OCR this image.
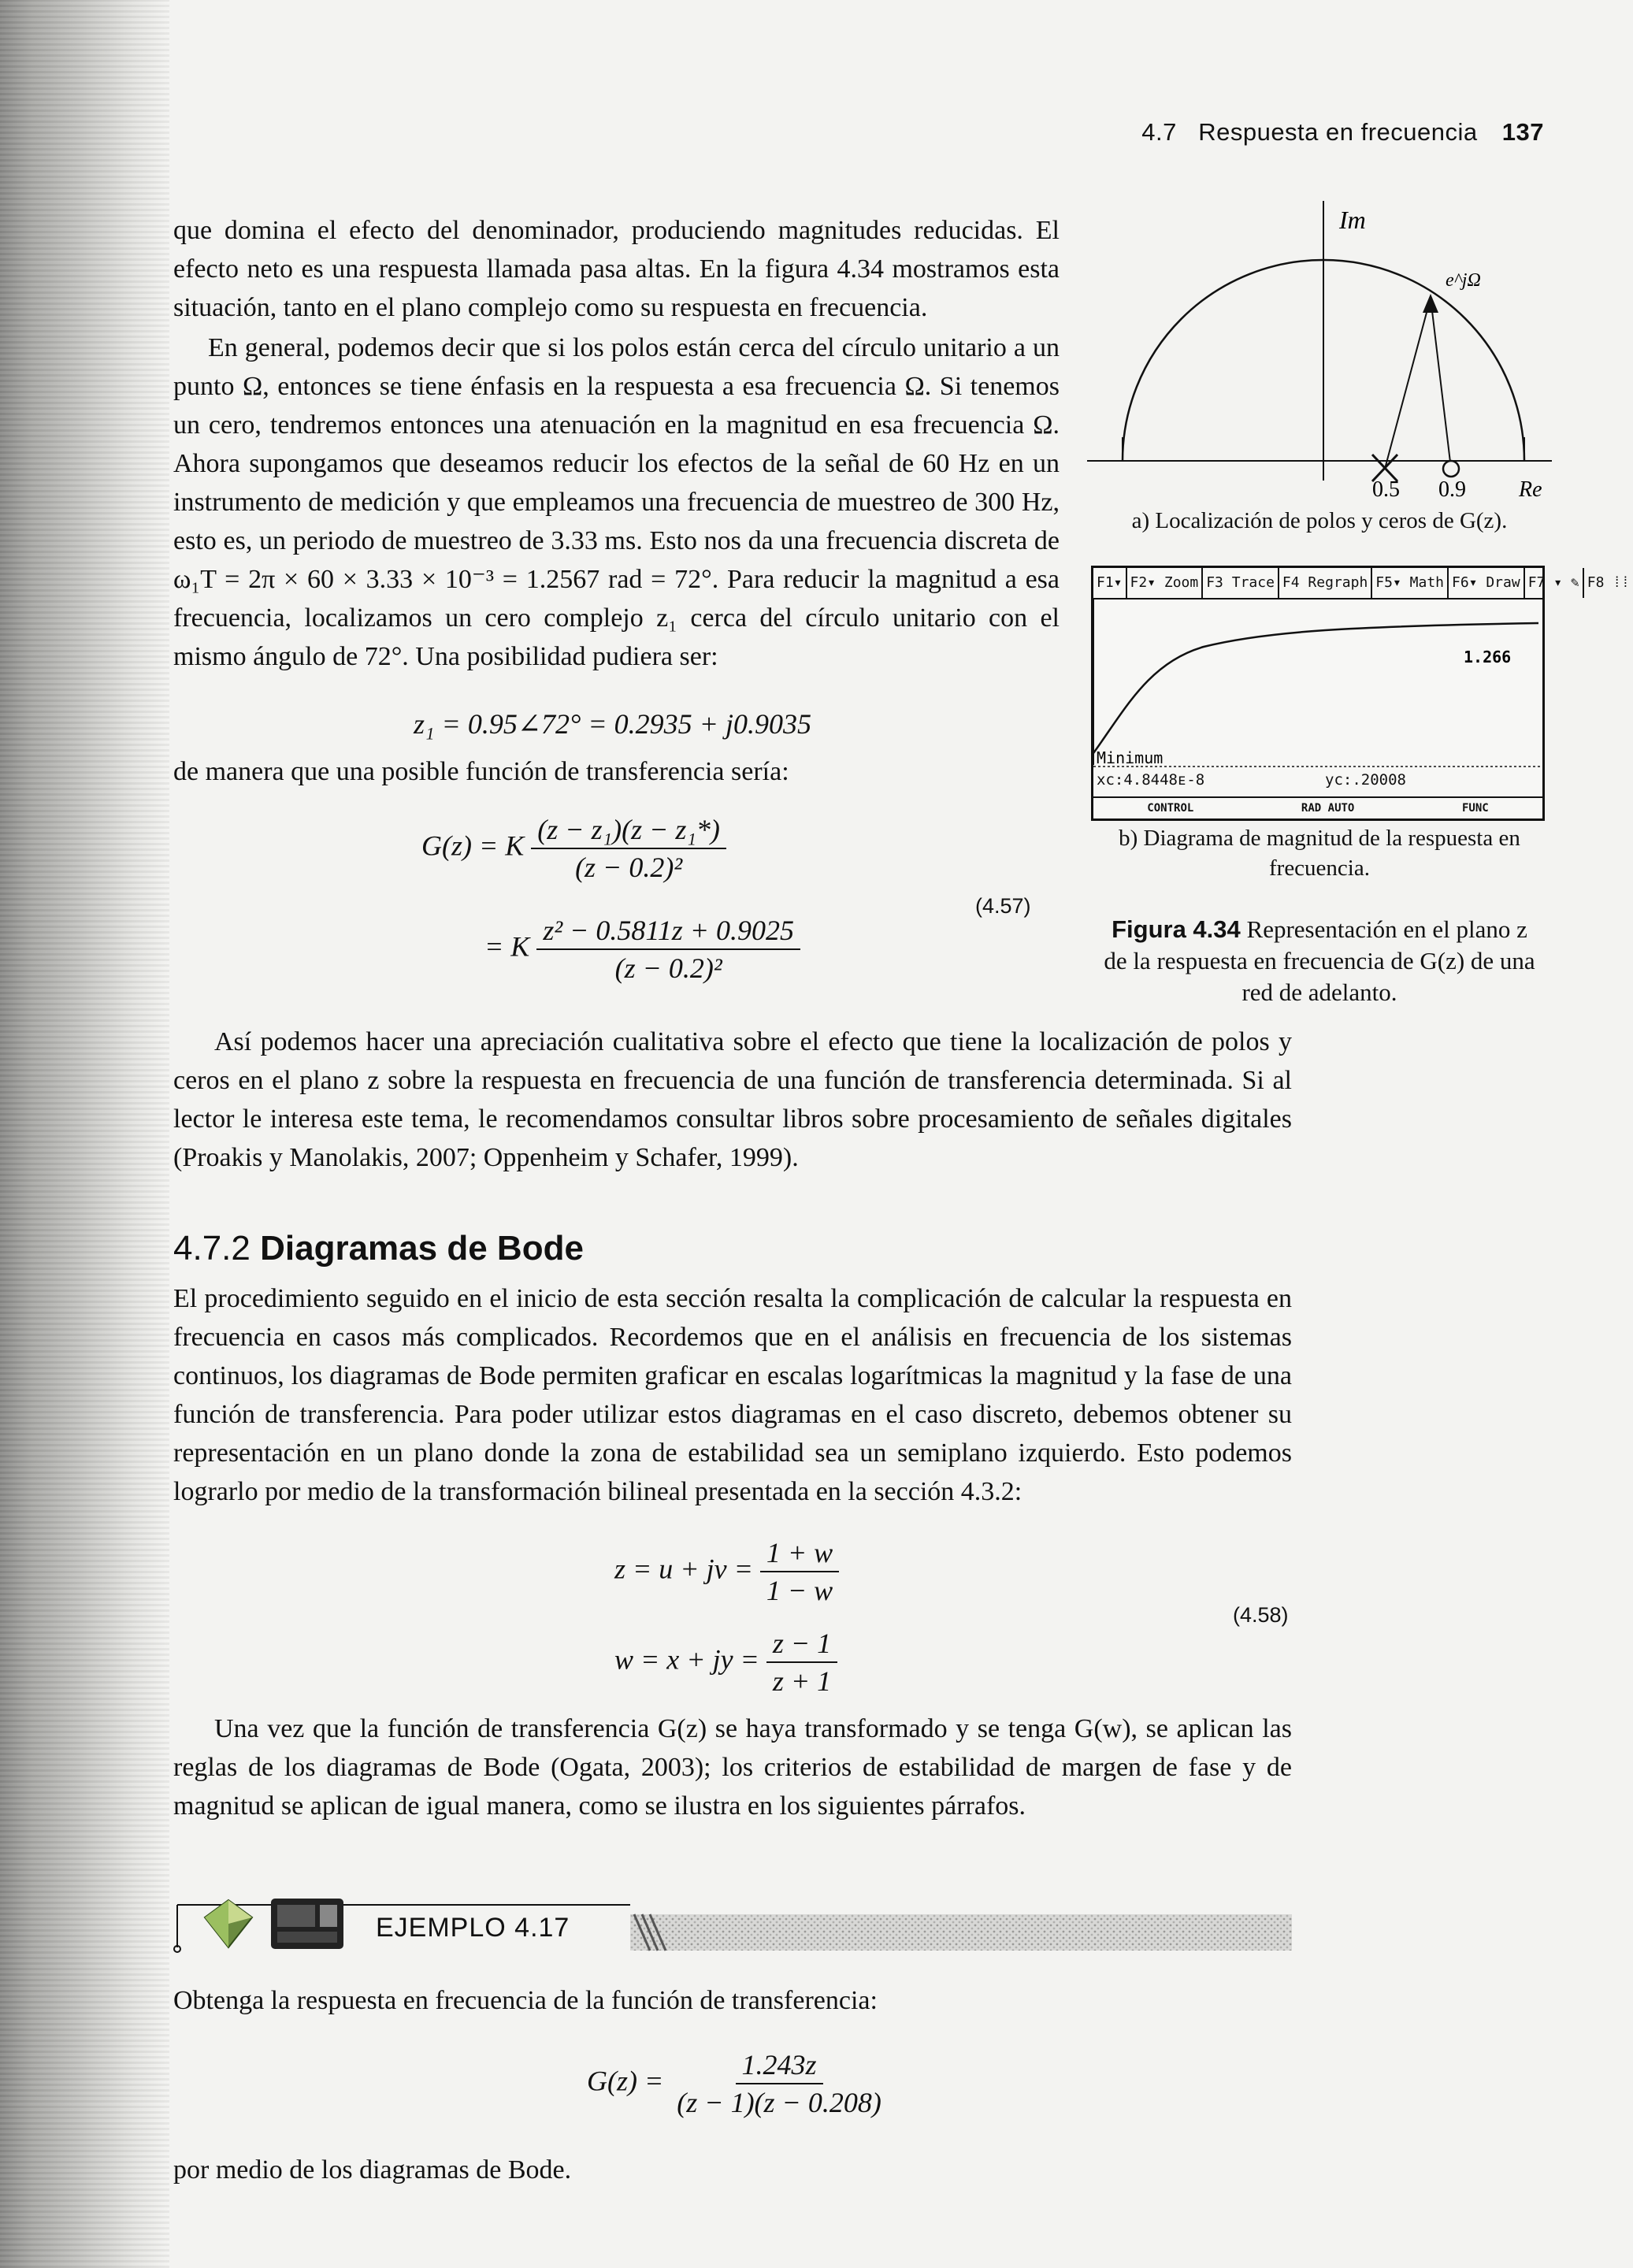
4.7 Respuesta en frecuencia 137

que domina el efecto del denominador, produciendo magnitudes reducidas. El efecto neto es una respuesta llamada pasa altas. En la figura 4.34 mostramos esta situación, tanto en el plano complejo como su respuesta en frecuencia.

En general, podemos decir que si los polos están cerca del círculo unitario a un punto Ω, entonces se tiene énfasis en la respuesta a esa frecuencia Ω. Si tenemos un cero, tendremos entonces una atenuación en la magnitud en esa frecuencia Ω. Ahora supongamos que deseamos reducir los efectos de la señal de 60 Hz en un instrumento de medición y que empleamos una frecuencia de muestreo de 300 Hz, esto es, un periodo de muestreo de 3.33 ms. Esto nos da una frecuencia discreta de ω₁T = 2π × 60 × 3.33 × 10⁻³ = 1.2567 rad = 72°. Para reducir la magnitud a esa frecuencia, localizamos un cero complejo z₁ cerca del círculo unitario con el mismo ángulo de 72°. Una posibilidad pudiera ser:

z₁ = 0.95∠72° = 0.2935 + j0.9035

de manera que una posible función de transferencia sería:

G(z) = K $\frac{\text{(z − z₁)(z − z₁*)}}{\text{(z − 0.2)²}}$
= K $\frac{\text{z² − 0.5811z + 0.9025}}{\text{(z − 0.2)²}}$
(4.57)

Así podemos hacer una apreciación cualitativa sobre el efecto que tiene la localización de polos y ceros en el plano z sobre la respuesta en frecuencia de una función de transferencia determinada. Si al lector le interesa este tema, le recomendamos consultar libros sobre procesamiento de señales digitales (Proakis y Manolakis, 2007; Oppenheim y Schafer, 1999).

4.7.2 Diagramas de Bode

El procedimiento seguido en el inicio de esta sección resalta la complicación de calcular la respuesta en frecuencia en casos más complicados. Recordemos que en el análisis en frecuencia de los sistemas continuos, los diagramas de Bode permiten graficar en escalas logarítmicas la magnitud y la fase de una función de transferencia. Para poder utilizar estos diagramas en el caso discreto, debemos obtener su representación en un plano donde la zona de estabilidad sea un semiplano izquierdo. Esto podemos lograrlo por medio de la transformación bilineal presentada en la sección 4.3.2:

z = u + jv = $\frac{1 + w}{1 - w}$
w = x + jy = $\frac{z - 1}{z + 1}$
(4.58)

Una vez que la función de transferencia G(z) se haya transformado y se tenga G(w), se aplican las reglas de los diagramas de Bode (Ogata, 2003); los criterios de estabilidad de margen de fase y de magnitud se aplican de igual manera, como se ilustra en los siguientes párrafos.

EJEMPLO 4.17

Obtenga la respuesta en frecuencia de la función de transferencia:

$G(z) = \frac{1.243z}{(z - 1)(z - 0.208)}$

por medio de los diagramas de Bode.

Im
e^jΩ
0.5 0.9 Re
a) Localización de polos y ceros de G(z).
F1▾ F2▾ Zoom F3 Trace F4 Regraph F5▾ Math F6▾ Draw F7 ▾ ✎ F8 ⁞⁞
1.266
Minimum
xc:4.8448ᴇ-8	yc:.20008
CONTROL	RAD AUTO	FUNC
b) Diagrama de magnitud de la respuesta en frecuencia.
Figura 4.34 Representación en el plano z de la respuesta en frecuencia de G(z) de una red de adelanto.
